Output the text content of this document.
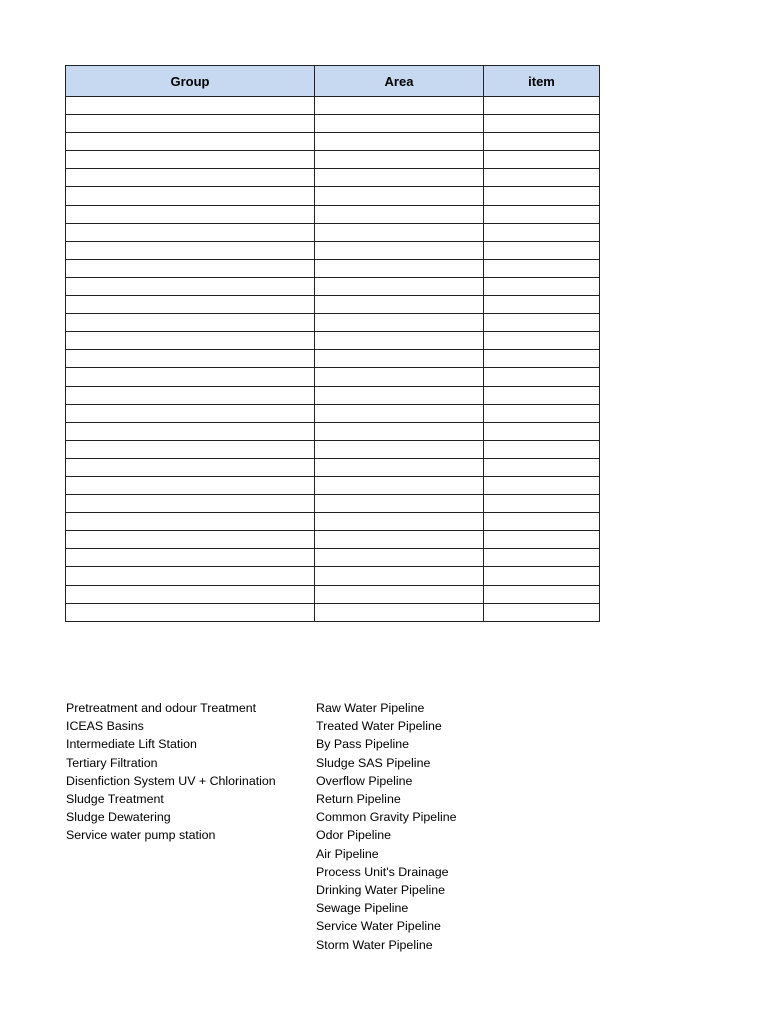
Group	Area	item

Pretreatment and odour Treatment
ICEAS Basins
Intermediate Lift Station
Tertiary Filtration
Disenfiction System UV + Chlorination
Sludge Treatment
Sludge Dewatering
Service water pump station
Raw Water Pipeline
Treated Water Pipeline
By Pass Pipeline
Sludge SAS Pipeline
Overflow Pipeline
Return Pipeline
Common Gravity Pipeline
Odor Pipeline
Air Pipeline
Process Unit's Drainage
Drinking Water Pipeline
Sewage Pipeline
Service Water Pipeline
Storm Water Pipeline
